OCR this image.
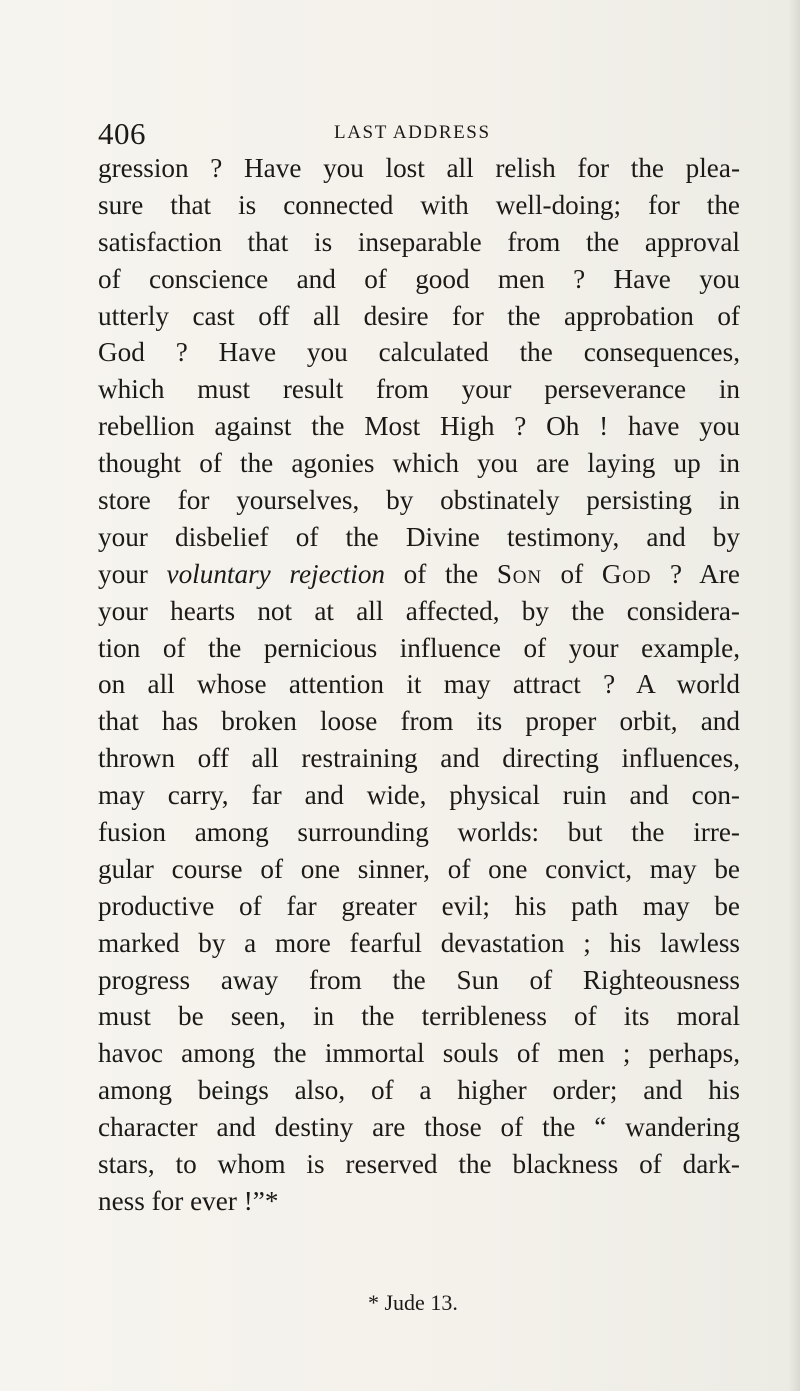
406	LAST ADDRESS
gression ? Have you lost all relish for the plea-
sure that is connected with well-doing; for the
satisfaction that is inseparable from the approval
of conscience and of good men ? Have you
utterly cast off all desire for the approbation of
God ? Have you calculated the consequences,
which must result from your perseverance in
rebellion against the Most High ? Oh ! have you
thought of the agonies which you are laying up in
store for yourselves, by obstinately persisting in
your disbelief of the Divine testimony, and by
your voluntary rejection of the Son of God ? Are
your hearts not at all affected, by the considera-
tion of the pernicious influence of your example,
on all whose attention it may attract ? A world
that has broken loose from its proper orbit, and
thrown off all restraining and directing influences,
may carry, far and wide, physical ruin and con-
fusion among surrounding worlds: but the irre-
gular course of one sinner, of one convict, may be
productive of far greater evil; his path may be
marked by a more fearful devastation ; his lawless
progress away from the Sun of Righteousness
must be seen, in the terribleness of its moral
havoc among the immortal souls of men ; perhaps,
among beings also, of a higher order; and his
character and destiny are those of the “ wandering
stars, to whom is reserved the blackness of dark-
ness for ever !”*
* Jude 13.
